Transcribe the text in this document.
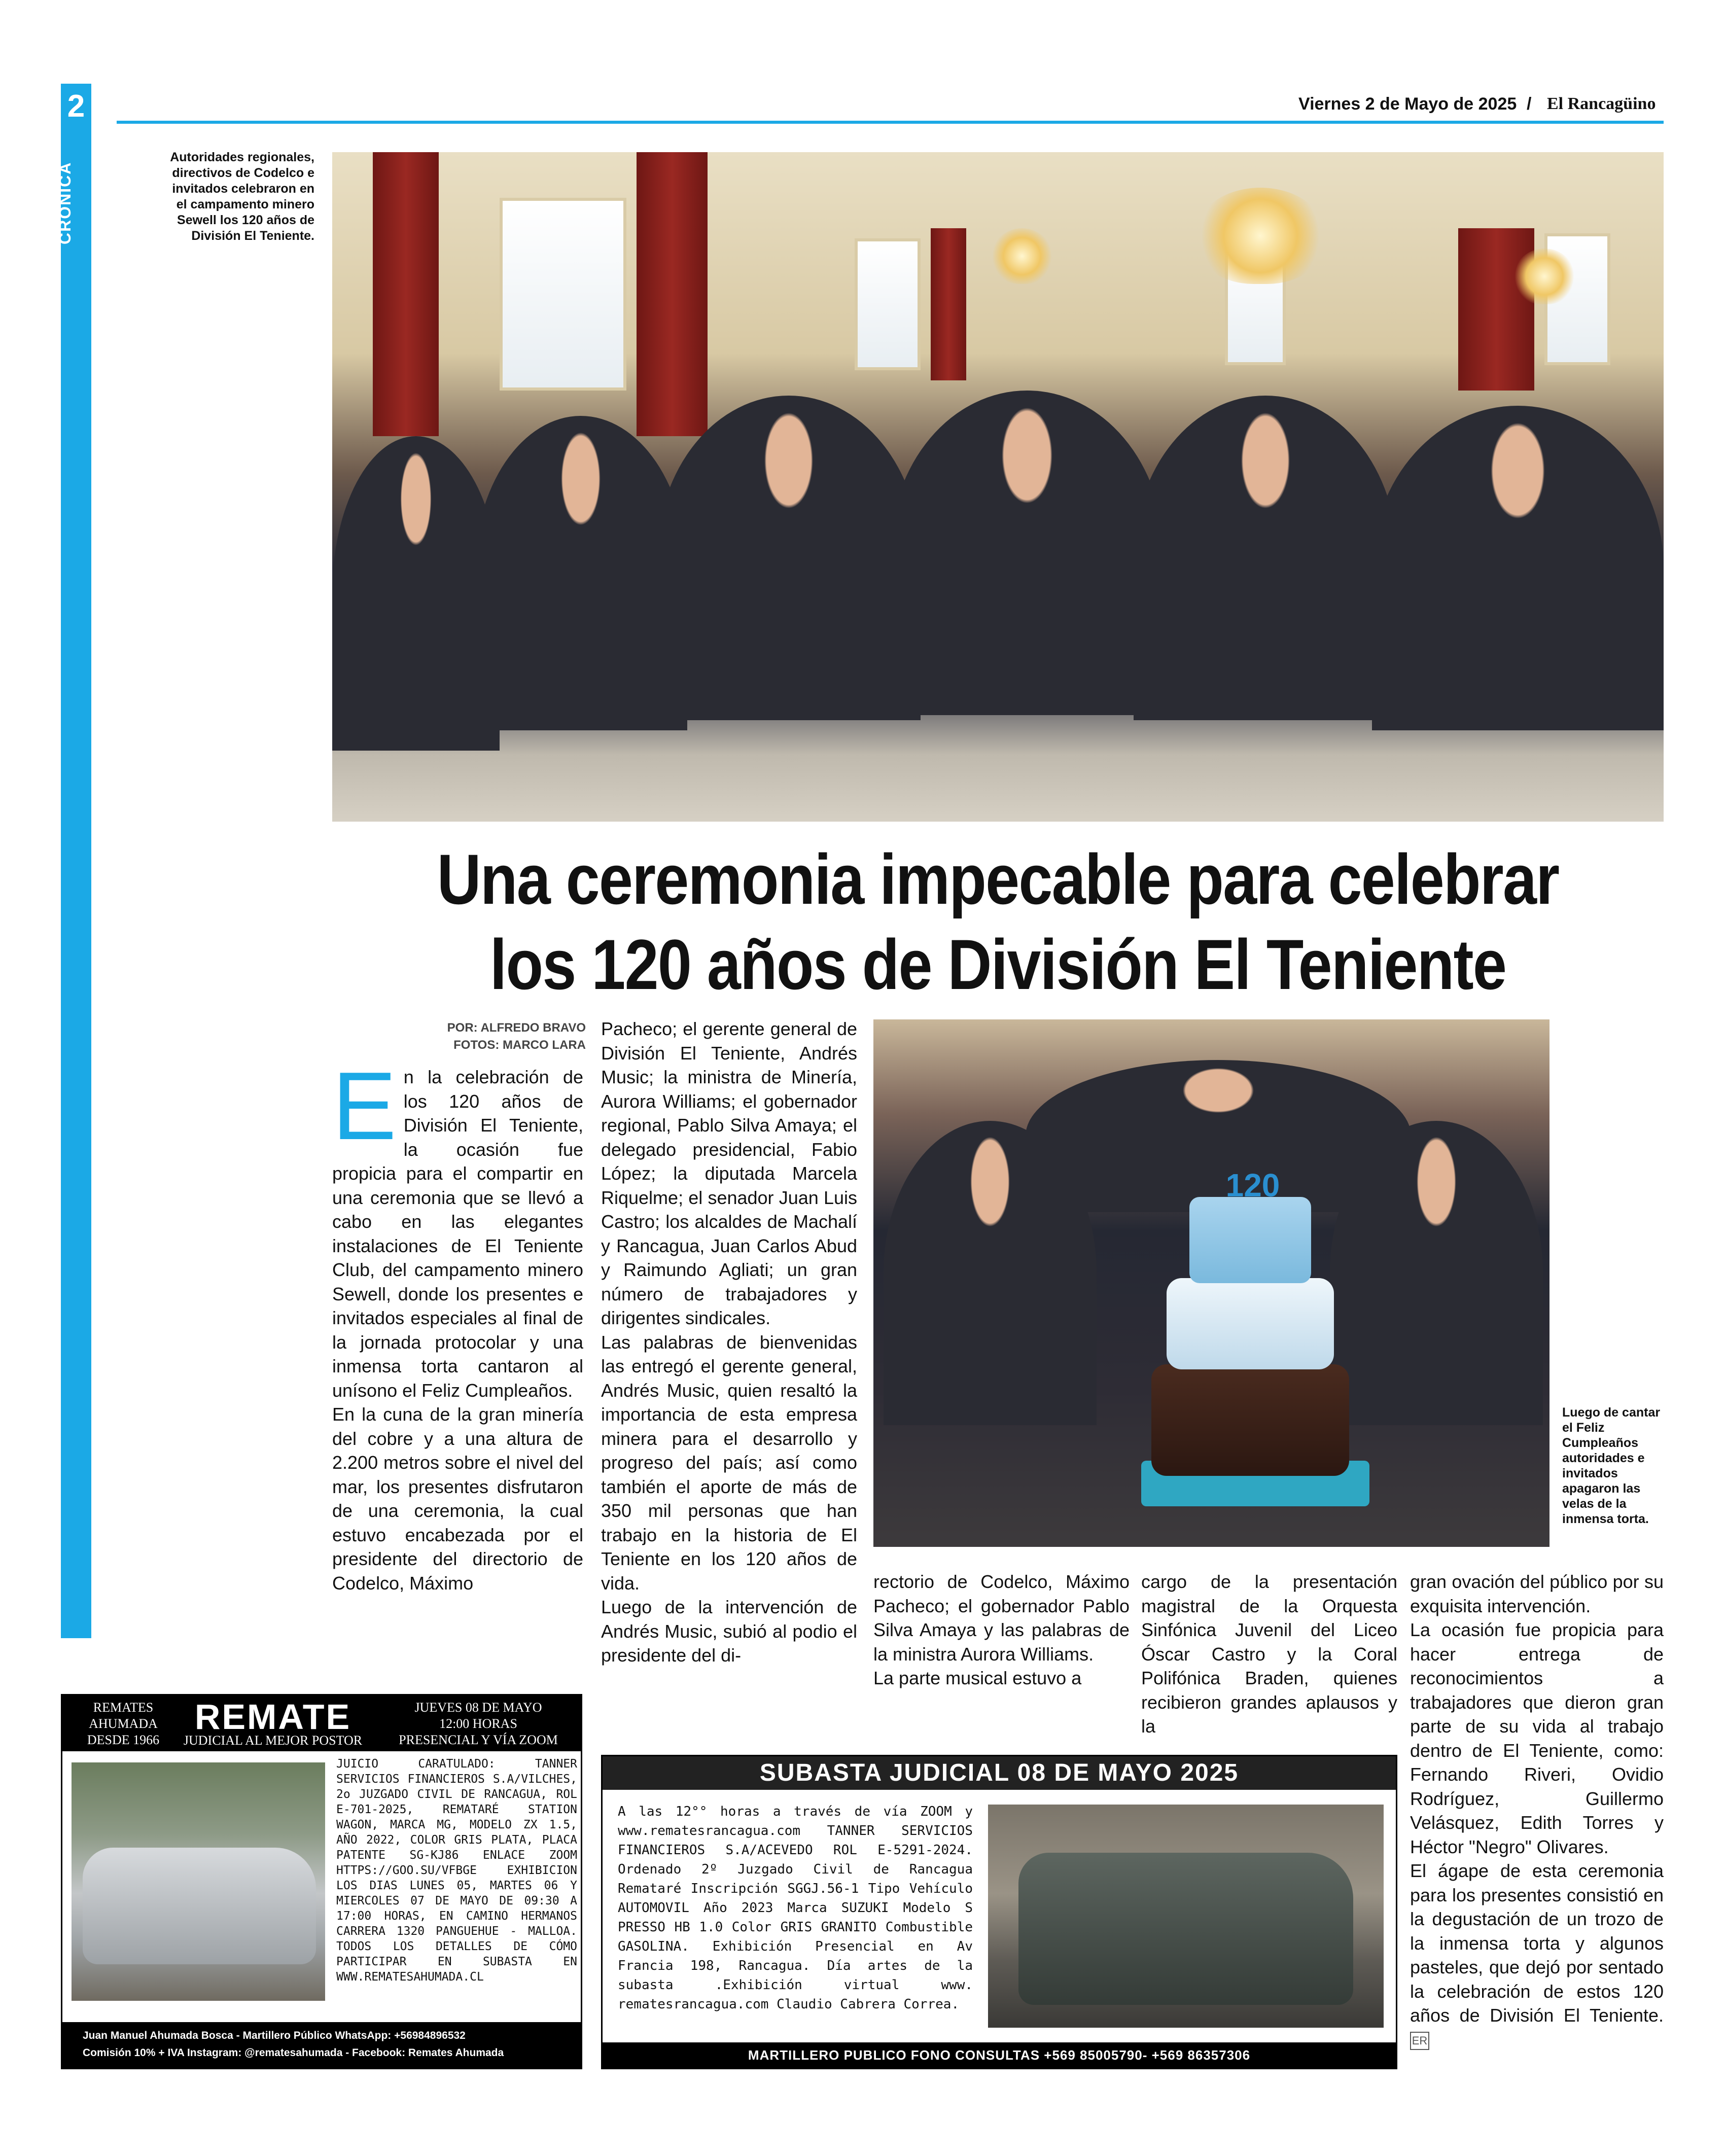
2
CRÓNICA
Viernes 2 de Mayo de 2025 / El Rancagüino
Autoridades regionales, directivos de Codelco e invitados celebraron en el campamento minero Sewell los 120 años de División El Teniente.
Una ceremonia impecable para celebrar
los 120 años de División El Teniente
POR: ALFREDO BRAVO
FOTOS: MARCO LARA

En la celebración de los 120 años de División El Teniente, la ocasión fue propicia para el compartir en una ceremonia que se llevó a cabo en las elegantes instalaciones de El Teniente Club, del campamento minero Sewell, donde los presentes e invitados especiales al final de la jornada protocolar y una inmensa torta cantaron al unísono el Feliz Cumpleaños.

En la cuna de la gran minería del cobre y a una altura de 2.200 metros sobre el nivel del mar, los presentes disfrutaron de una ceremonia, la cual estuvo encabezada por el presidente del directorio de Codelco, Máximo

Pacheco; el gerente general de División El Teniente, Andrés Music; la ministra de Minería, Aurora Williams; el gobernador regional, Pablo Silva Amaya; el delegado presidencial, Fabio López; la diputada Marcela Riquelme; el senador Juan Luis Castro; los alcaldes de Machalí y Rancagua, Juan Carlos Abud y Raimundo Agliati; un gran número de trabajadores y dirigentes sindicales.

Las palabras de bienvenidas las entregó el gerente general, Andrés Music, quien resaltó la importancia de esta empresa minera para el desarrollo y progreso del país; así como también el aporte de más de 350 mil personas que han trabajo en la historia de El Teniente en los 120 años de vida.

Luego de la intervención de Andrés Music, subió al podio el presidente del di-

120
Luego de cantar el Feliz Cumpleaños autoridades e invitados apagaron las velas de la inmensa torta.

rectorio de Codelco, Máximo Pacheco; el gobernador Pablo Silva Amaya y las palabras de la ministra Aurora Williams.

La parte musical estuvo a

cargo de la presentación magistral de la Orquesta Sinfónica Juvenil del Liceo Óscar Castro y la Coral Polifónica Braden, quienes recibieron grandes aplausos y la

gran ovación del público por su exquisita intervención.

La ocasión fue propicia para hacer entrega de reconocimientos a trabajadores que dieron gran parte de su vida al trabajo dentro de El Teniente, como: Fernando Riveri, Ovidio Rodríguez, Guillermo Velásquez, Edith Torres y Héctor "Negro" Olivares.

El ágape de esta ceremonia para los presentes consistió en la degustación de un trozo de la inmensa torta y algunos pasteles, que dejó por sentado la celebración de estos 120 años de División El Teniente. ER

REMATES
AHUMADA
DESDE 1966
REMATE
JUDICIAL AL MEJOR POSTOR
JUEVES 08 DE MAYO
12:00 HORAS
PRESENCIAL Y VÍA ZOOM
JUICIO CARATULADO: TANNER SERVICIOS FINANCIEROS S.A/VILCHES, 2o JUZGADO CIVIL DE RANCAGUA, ROL E-701-2025, REMATARÉ STATION WAGON, MARCA MG, MODELO ZX 1.5, AÑO 2022, COLOR GRIS PLATA, PLACA PATENTE SG-KJ86 ENLACE ZOOM HTTPS://GOO.SU/VFBGE EXHIBICION LOS DIAS LUNES 05, MARTES 06 Y MIERCOLES 07 DE MAYO DE 09:30 A 17:00 HORAS, EN CAMINO HERMANOS CARRERA 1320 PANGUEHUE - MALLOA. TODOS LOS DETALLES DE CÓMO PARTICIPAR EN SUBASTA EN WWW.REMATESAHUMADA.CL
Juan Manuel Ahumada Bosca - Martillero Público WhatsApp: +56984896532
Comisión 10% + IVA Instagram: @rematesahumada - Facebook: Remates Ahumada
SUBASTA JUDICIAL 08 DE MAYO 2025
A las 12°° horas a través de vía ZOOM y www.rematesrancagua.com TANNER SERVICIOS FINANCIEROS S.A/ACEVEDO ROL E-5291-2024. Ordenado 2º Juzgado Civil de Rancagua Remataré Inscripción SGGJ.56-1 Tipo Vehículo AUTOMOVIL Año 2023 Marca SUZUKI Modelo S PRESSO HB 1.0 Color GRIS GRANITO Combustible GASOLINA. Exhibición Presencial en Av Francia 198, Rancagua. Día artes de la subasta .Exhibición virtual www. rematesrancagua.com Claudio Cabrera Correa.
MARTILLERO PUBLICO FONO CONSULTAS +569 85005790- +569 86357306
